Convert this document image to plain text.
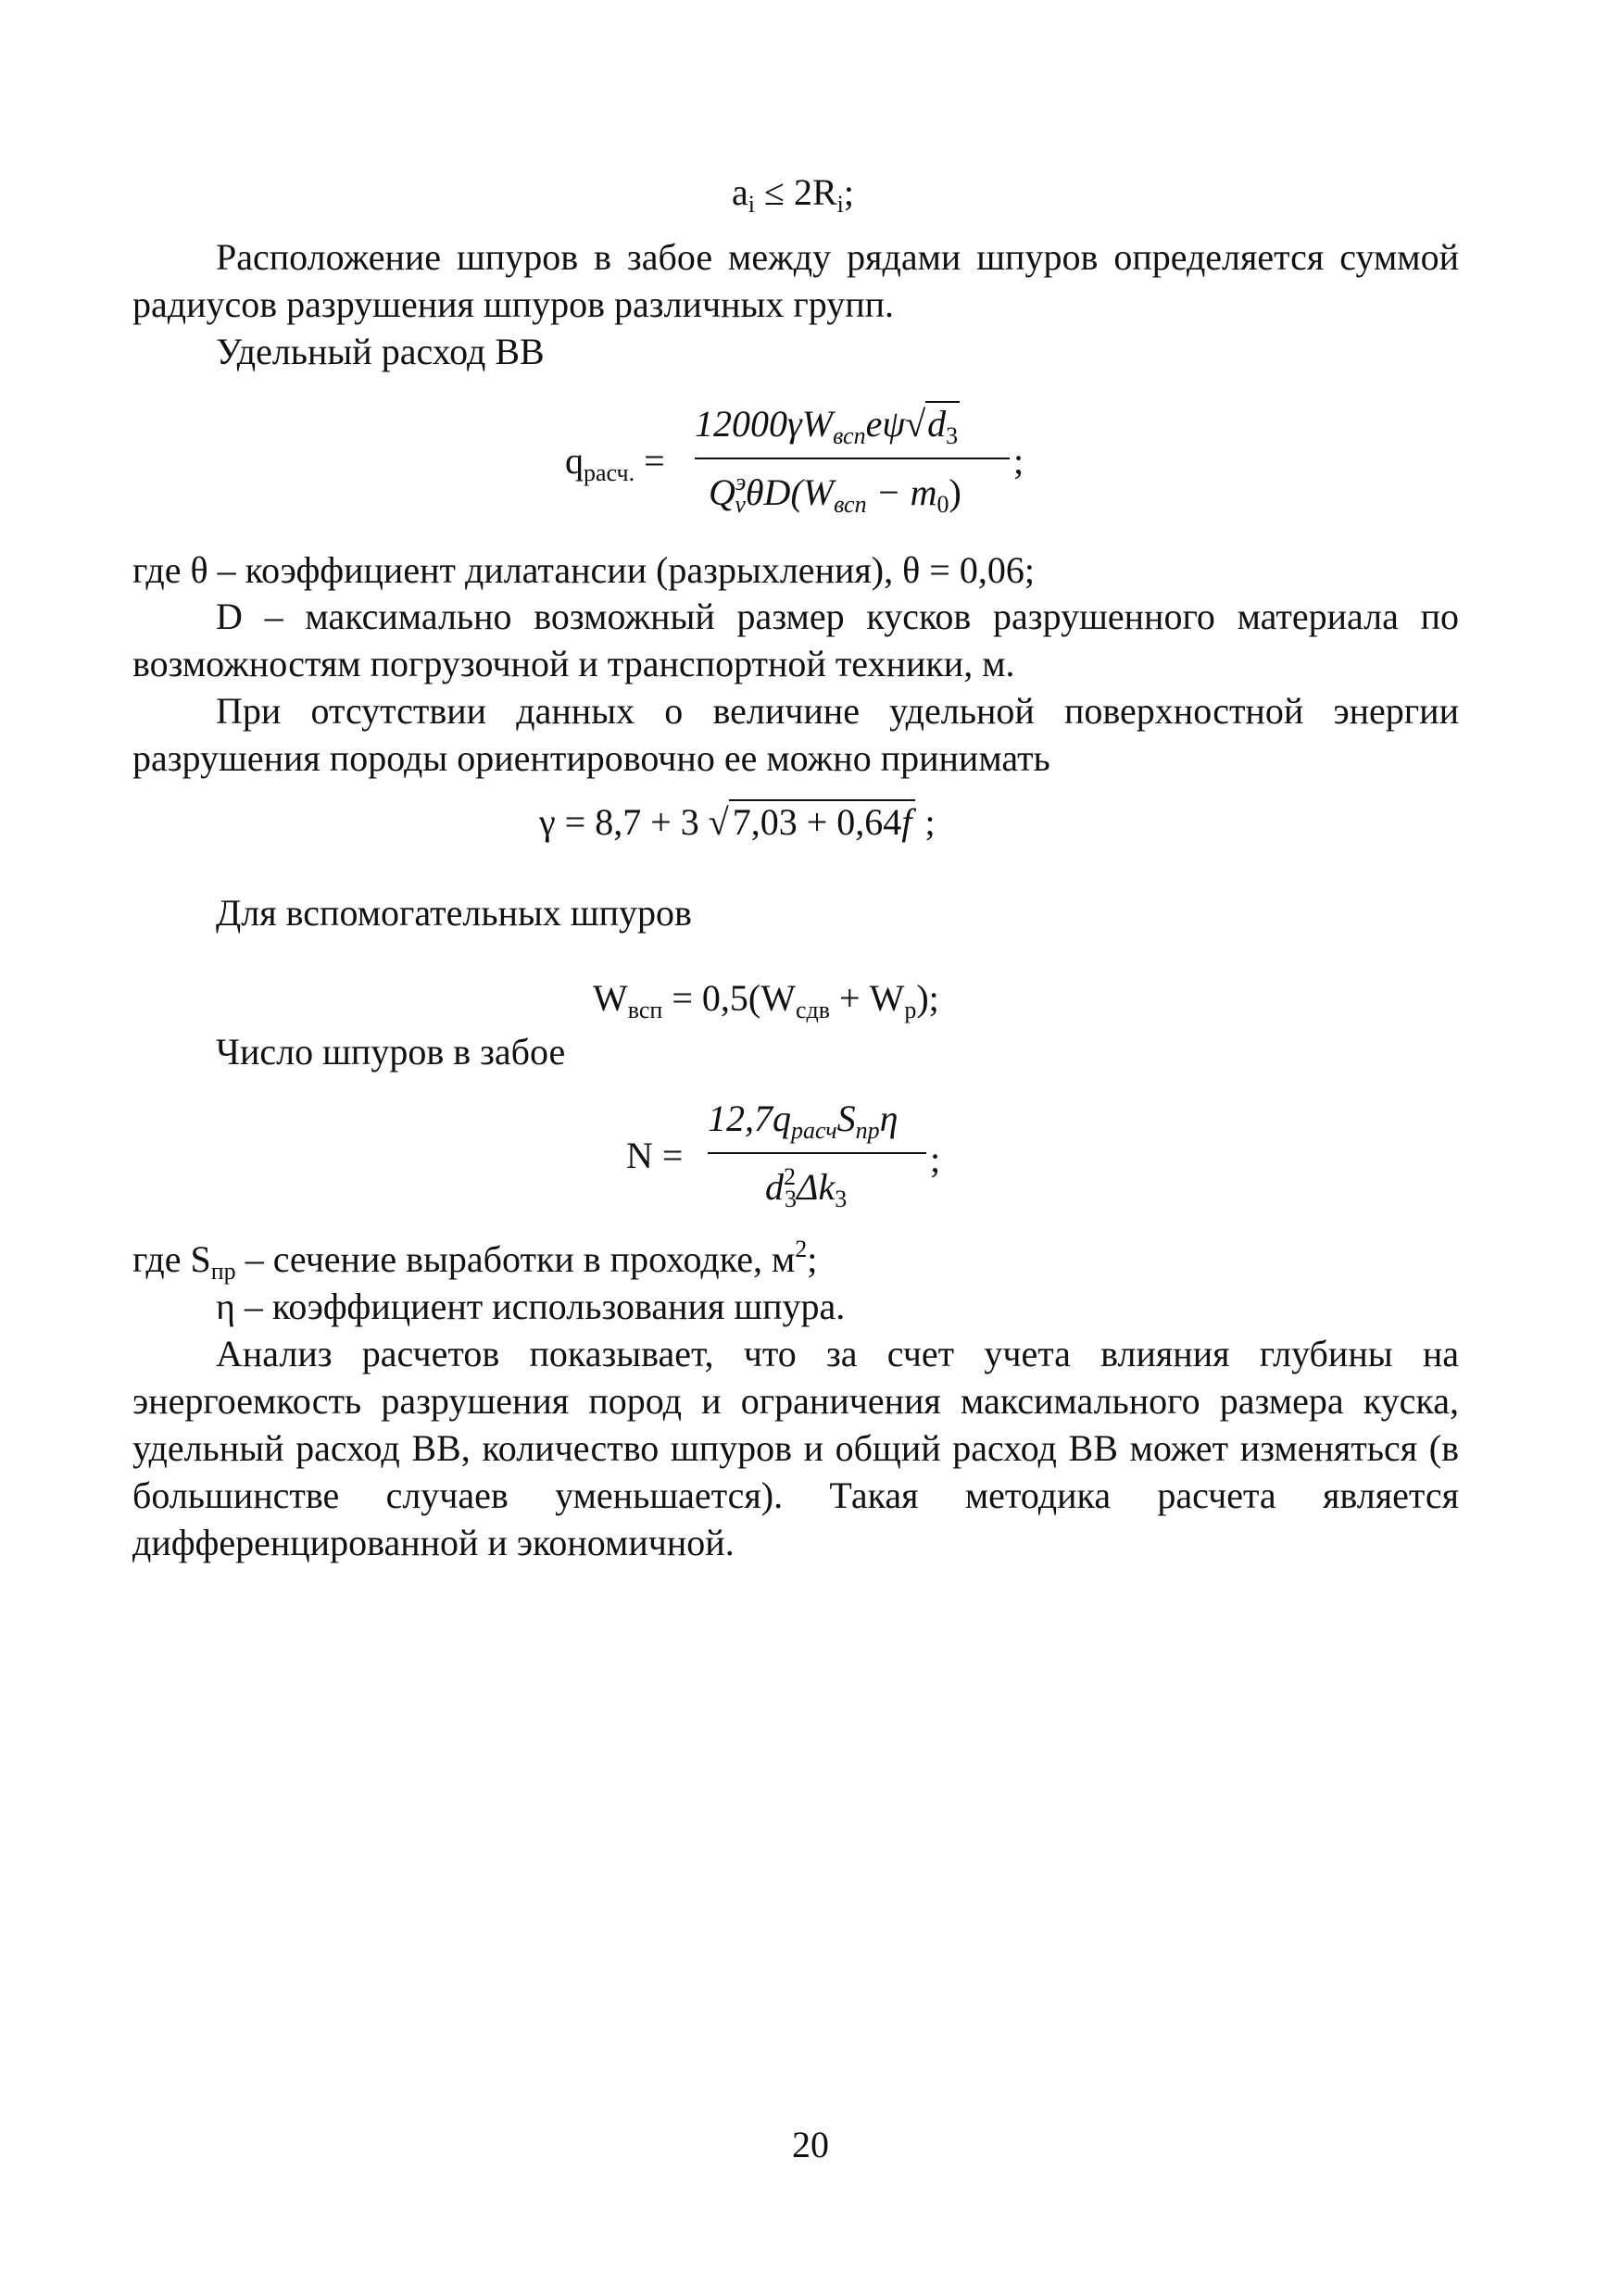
$a_i \le 2R_i$;
Расположение шпуров в забое между рядами шпуров определяется суммой радиусов разрушения шпуров различных групп.
Удельный расход ВВ
$q_{расч.}$ =
$12000\gamma W_{всп}e\psi√d_3$
$Q^э_v\theta D(W_{всп} - m_0)$
;
где θ – коэффициент дилатансии (разрыхления), θ = 0,06;
D – максимально возможный размер кусков разрушенного материала по возможностям погрузочной и транспортной техники, м.
При отсутствии данных о величине удельной поверхностной энергии разрушения породы ориентировочно ее можно принимать
γ = 8,7 + 3 √ 7,03 + 0,64f ;
Для вспомогательных шпуров
$W_{всп} = 0,5(W_{сдв} + W_р)$;
Число шпуров в забое
N =
$12,7q_{расч}S_{пр}\eta$
$d^2_3\Delta k_3$
;
где $S_{пр}$ – сечение выработки в проходке, $м^2$;
η – коэффициент использования шпура.
Анализ расчетов показывает, что за счет учета влияния глубины на энергоемкость разрушения пород и ограничения максимального размера куска, удельный расход ВВ, количество шпуров и общий расход ВВ может изменяться (в большинстве случаев уменьшается). Такая методика расчета является дифференцированной и экономичной.
20
